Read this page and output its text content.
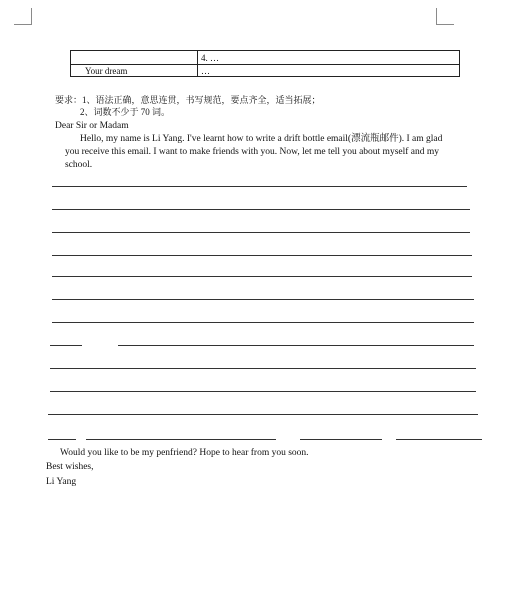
4. …
Your dream	…
要求：1、语法正确，意思连贯，书写规范，要点齐全，适当拓展；
2、词数不少于 70 词。
Dear Sir or Madam
Hello, my name is Li Yang. I've learnt how to write a drift bottle email(漂流瓶邮件). I am glad
you receive this email. I want to make friends with you. Now, let me tell you about myself and my
school.
Would you like to be my penfriend? Hope to hear from you soon.
Best wishes,
Li Yang
